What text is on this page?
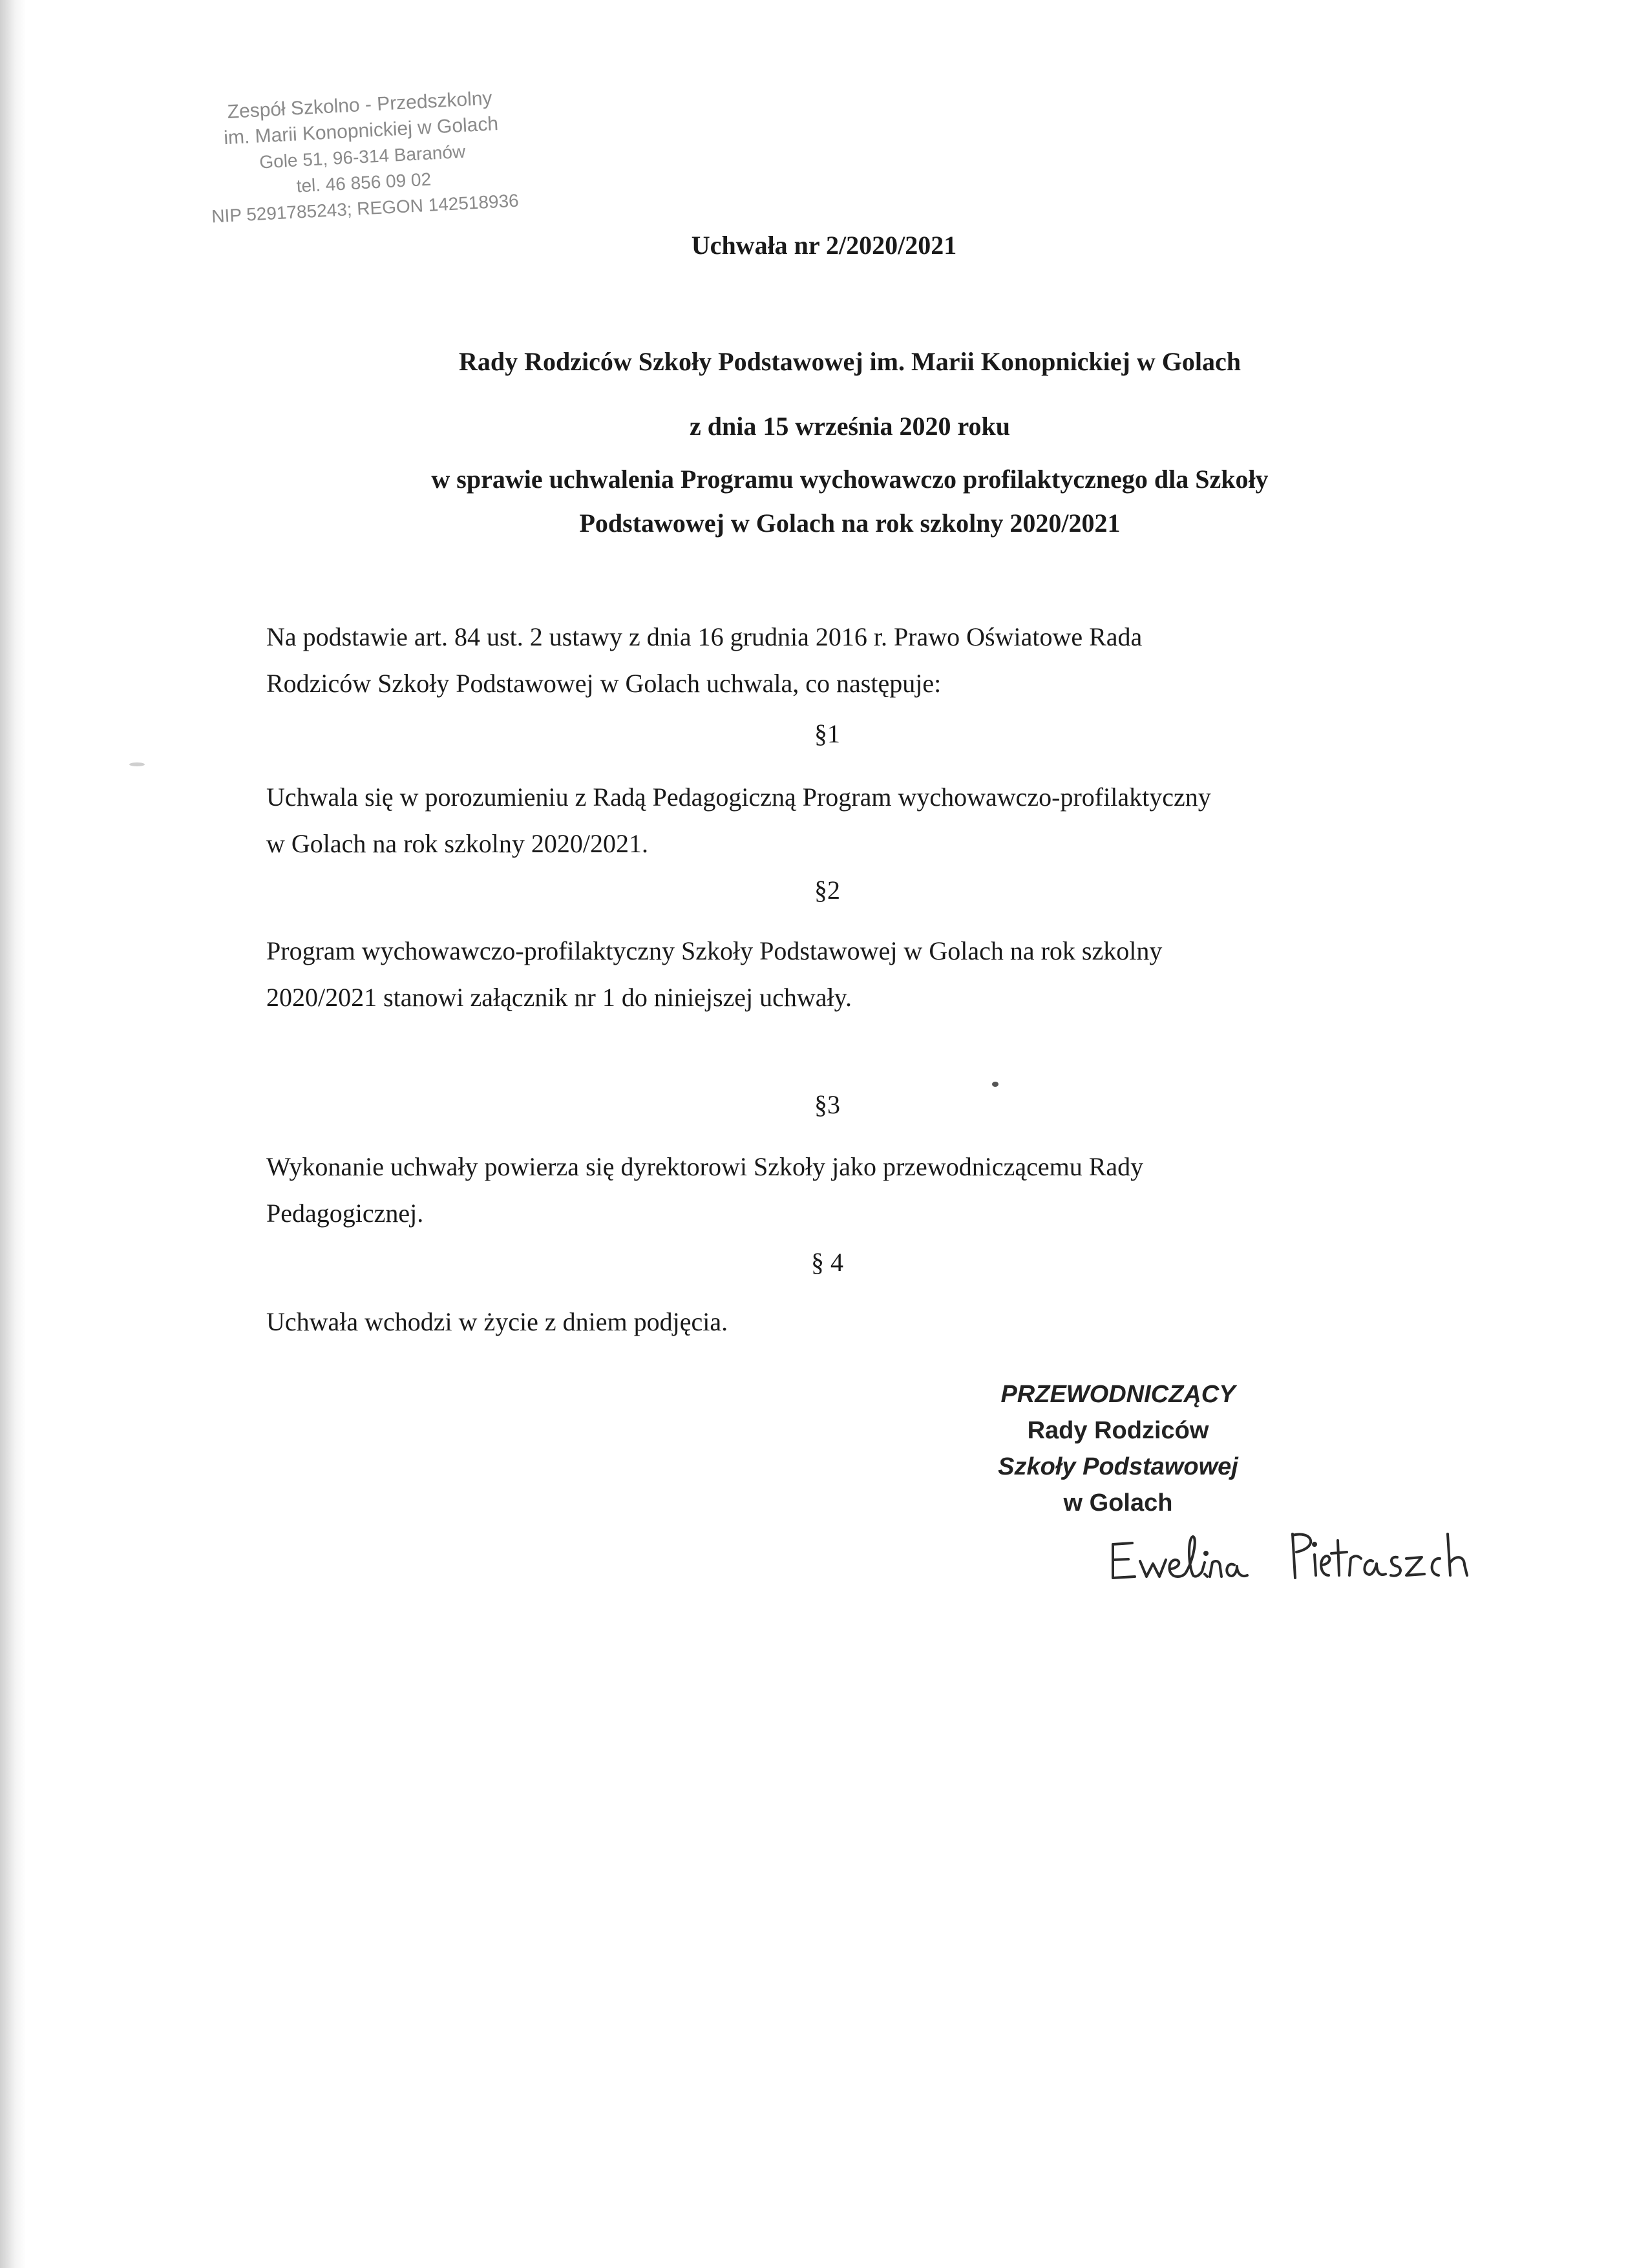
Zespół Szkolno - Przedszkolny
im. Marii Konopnickiej w Golach
Gole 51, 96-314 Baranów
tel. 46 856 09 02
NIP 5291785243; REGON 142518936
Uchwała nr 2/2020/2021
Rady Rodziców Szkoły Podstawowej im. Marii Konopnickiej w Golach
z dnia 15 września 2020 roku
w sprawie uchwalenia Programu wychowawczo profilaktycznego dla Szkoły
Podstawowej w Golach na rok szkolny 2020/2021
Na podstawie art. 84 ust. 2 ustawy z dnia 16 grudnia 2016 r. Prawo Oświatowe Rada
Rodziców Szkoły Podstawowej w Golach uchwala, co następuje:
§1
Uchwala się w porozumieniu z Radą Pedagogiczną Program wychowawczo-profilaktyczny
w Golach na rok szkolny 2020/2021.
§2
Program wychowawczo-profilaktyczny Szkoły Podstawowej w Golach na rok szkolny
2020/2021 stanowi załącznik nr 1 do niniejszej uchwały.
§3
Wykonanie uchwały powierza się dyrektorowi Szkoły jako przewodniczącemu Rady
Pedagogicznej.
§ 4
Uchwała wchodzi w życie z dniem podjęcia.
PRZEWODNICZĄCY
Rady Rodziców
Szkoły Podstawowej
w Golach
